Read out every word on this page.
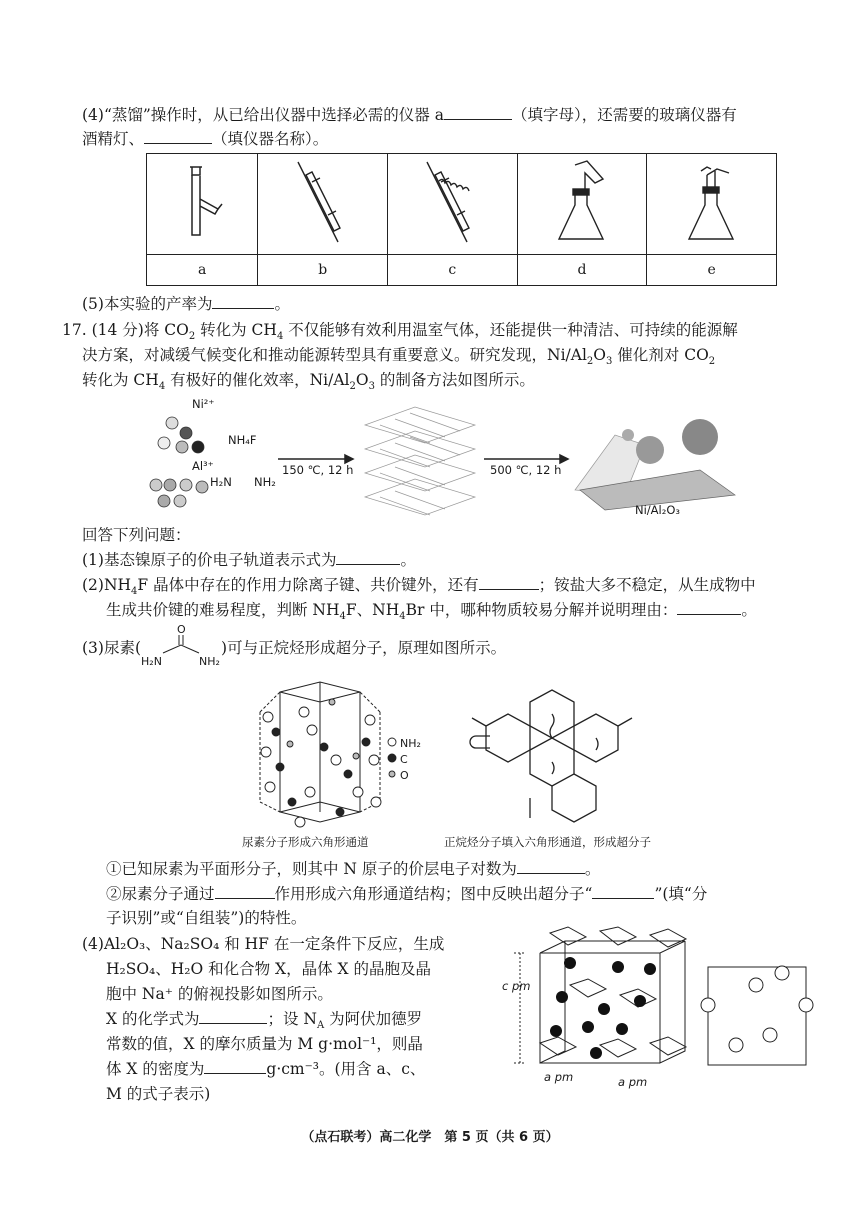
(4)“蒸馏”操作时，从已给出仪器中选择必需的仪器 a	（填字母），还需要的玻璃仪器有
酒精灯、	（填仪器名称）。

a	b	c	d	e
(5)本实验的产率为	。
17. (14 分)将 $CO_2$ 转化为 $CH_4$ 不仅能够有效利用温室气体，还能提供一种清洁、可持续的能源解
决方案，对减缓气候变化和推动能源转型具有重要意义。研究发现，$Ni/Al_2O_3$ 催化剂对 $CO_2$
转化为 $CH_4$ 有极好的催化效率，$Ni/Al_2O_3$ 的制备方法如图所示。
Ni²⁺
NH₄F
Al³⁺
H₂N NH₂
150 ℃, 12 h	500 ℃, 12 h
Ni/Al₂O₃
回答下列问题：
(1)基态镍原子的价电子轨道表示式为	。
$(2)NH_4F$ 晶体中存在的作用力除离子键、共价键外，还有	；铵盐大多不稳定，从生成物中
生成共价键的难易程度，判断 $NH_4F$、$NH_4Br$ 中，哪种物质较易分解并说明理由：	。
(3)尿素(
O
H₂N	NH₂
)可与正烷烃形成超分子，原理如图所示。
NH₂
C
O
尿素分子形成六角形通道	正烷烃分子填入六角形通道，形成超分子
①已知尿素为平面形分子，则其中 N 原子的价层电子对数为	。
②尿素分子通过	作用形成六角形通道结构；图中反映出超分子“	”(填“分
子识别”或“自组装”)的特性。
(4)Al₂O₃、Na₂SO₄ 和 HF 在一定条件下反应，生成
H₂SO₄、H₂O 和化合物 X，晶体 X 的晶胞及晶
胞中 Na⁺ 的俯视投影如图所示。
X 的化学式为	；设 $N_A$ 为阿伏加德罗
常数的值，X 的摩尔质量为 M g·mol⁻¹，则晶
体 X 的密度为	g·cm⁻³。(用含 a、c、
M 的式子表示)
c pm
a pm	a pm
（点石联考）高二化学　第 5 页（共 6 页）
